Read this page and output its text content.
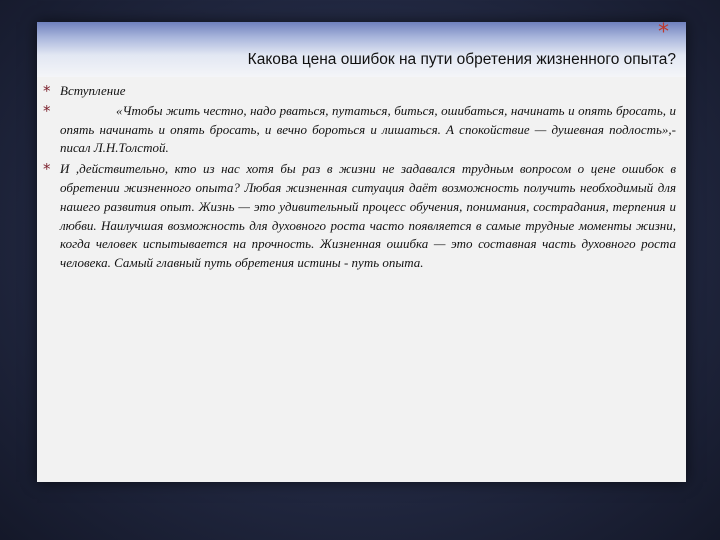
*
Какова цена ошибок на пути обретения жизненного опыта?
* Вступление
*	«Чтобы жить честно, надо рваться, путаться, биться, ошибаться, начинать и опять бросать, и опять начинать и опять бросать, и вечно бороться и лишаться. А спокойствие — душевная подлость»,- писал Л.Н.Толстой.
* И ,действительно, кто из нас хотя бы раз в жизни не задавался трудным вопросом о цене ошибок в обретении жизненного опыта? Любая жизненная ситуация даёт возможность получить необходимый для нашего развития опыт. Жизнь — это удивительный процесс обучения, понимания, сострадания, терпения и любви. Наилучшая возможность для духовного роста часто появляется в самые трудные моменты жизни, когда человек испытывается на прочность. Жизненная ошибка — это составная часть духовного роста человека. Самый главный путь обретения истины - путь опыта.
